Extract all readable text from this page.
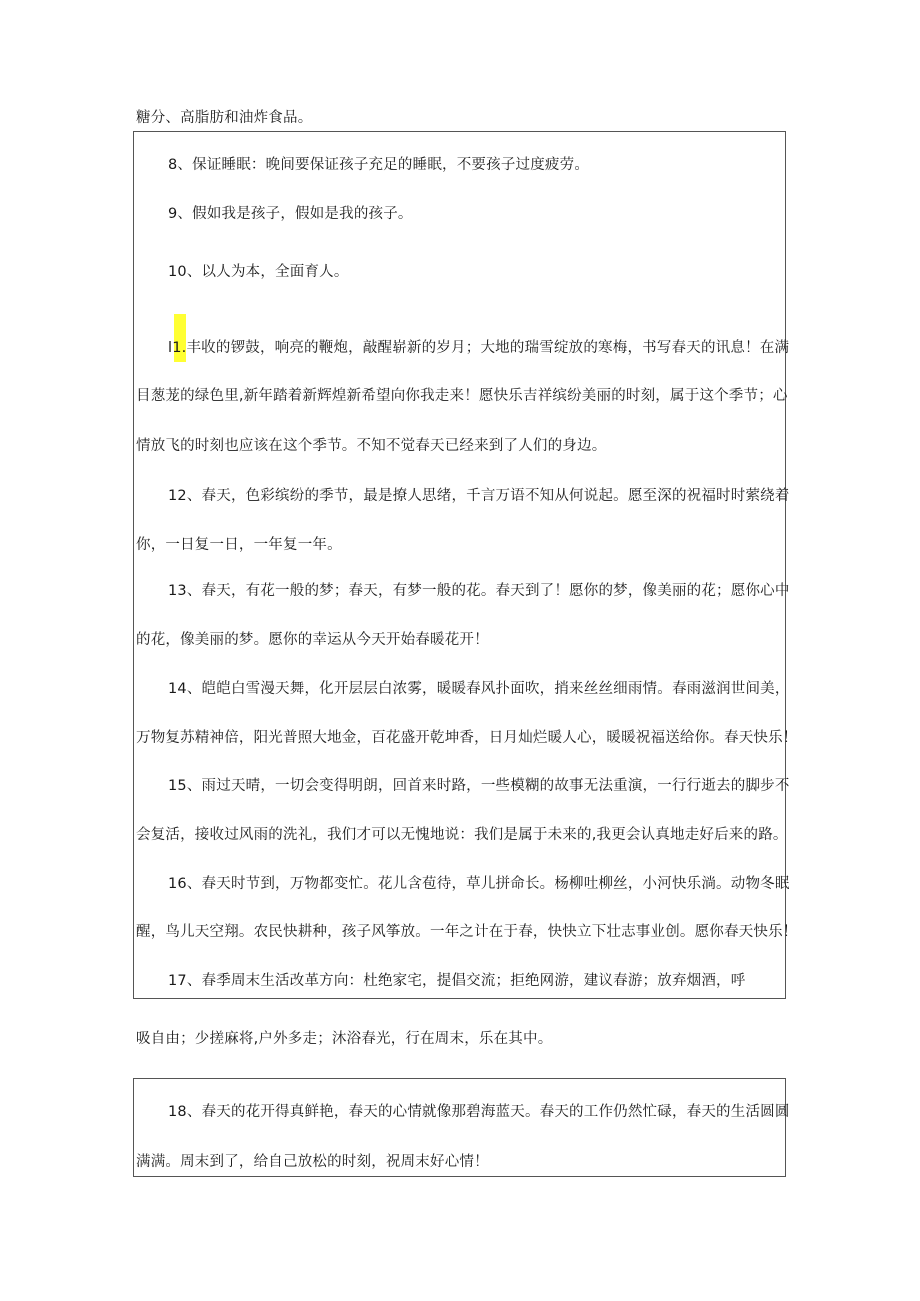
糖分、高脂肪和油炸食品。
8、保证睡眠：晚间要保证孩子充足的睡眠，不要孩子过度疲劳。
9、假如我是孩子，假如是我的孩子。
10、以人为本，全面育人。
l1.丰收的锣鼓，响亮的鞭炮，敲醒崭新的岁月；大地的瑞雪绽放的寒梅，书写春天的讯息！在满
目葱茏的绿色里,新年踏着新辉煌新希望向你我走来！愿快乐吉祥缤纷美丽的时刻，属于这个季节；心
情放飞的时刻也应该在这个季节。不知不觉春天已经来到了人们的身边。
12、春天，色彩缤纷的季节，最是撩人思绪，千言万语不知从何说起。愿至深的祝福时时萦绕着
你，一日复一日，一年复一年。
13、春天，有花一般的梦；春天，有梦一般的花。春天到了！愿你的梦，像美丽的花；愿你心中
的花，像美丽的梦。愿你的幸运从今天开始春暖花开！
14、皑皑白雪漫天舞，化开层层白浓雾，暖暖春风扑面吹，捎来丝丝细雨情。春雨滋润世间美，
万物复苏精神倍，阳光普照大地金，百花盛开乾坤香，日月灿烂暖人心，暖暖祝福送给你。春天快乐！
15、雨过天晴，一切会变得明朗，回首来时路，一些模糊的故事无法重演，一行行逝去的脚步不
会复活，接收过风雨的洗礼，我们才可以无愧地说：我们是属于未来的,我更会认真地走好后来的路。
16、春天时节到，万物都变忙。花儿含苞待，草儿拼命长。杨柳吐柳丝，小河快乐淌。动物冬眠
醒，鸟儿天空翔。农民快耕种，孩子风筝放。一年之计在于春，快快立下壮志事业创。愿你春天快乐！
17、春季周末生活改革方向：杜绝家宅，提倡交流；拒绝网游，建议春游；放弃烟酒，呼
吸自由；少搓麻将,户外多走；沐浴春光，行在周末，乐在其中。
18、春天的花开得真鲜艳，春天的心情就像那碧海蓝天。春天的工作仍然忙碌，春天的生活圆圆
满满。周末到了，给自己放松的时刻，祝周末好心情！
